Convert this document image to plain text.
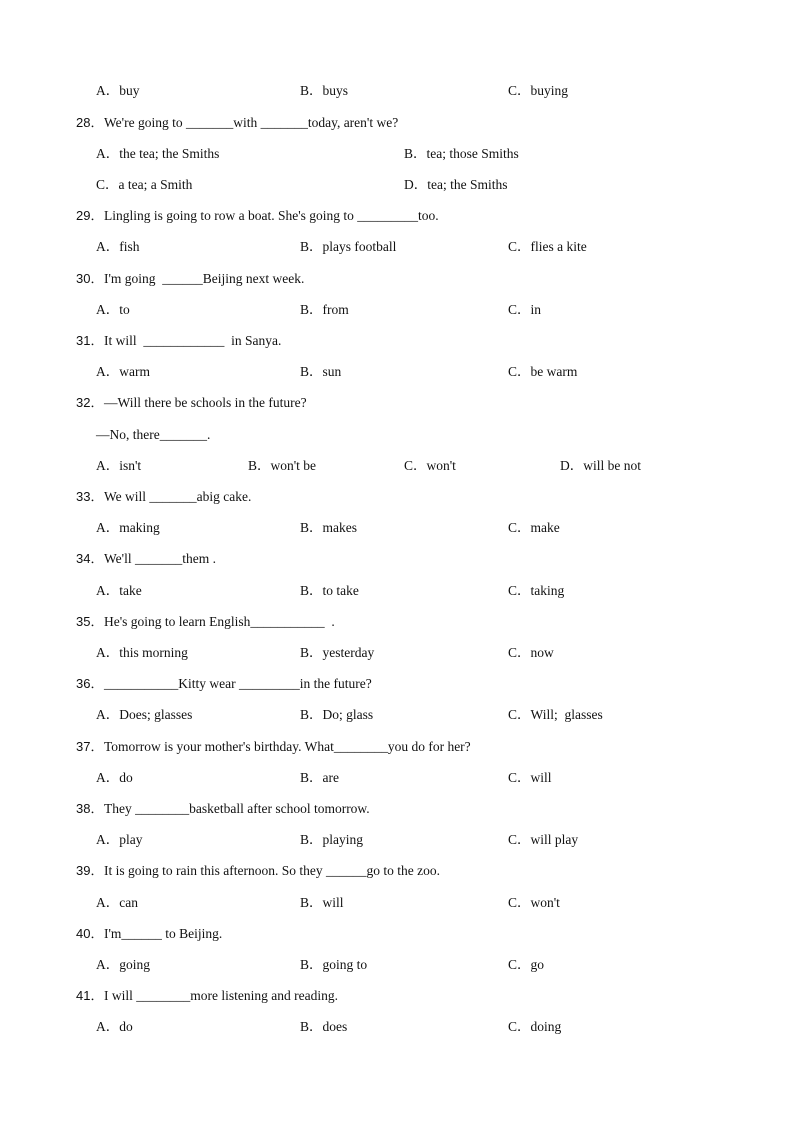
A．buy	B．buys	C．buying
28． We're going to _______with _______today, aren't we?
A．the tea; the Smiths	B．tea; those Smiths
C．a tea; a Smith	D．tea; the Smiths
29． Lingling is going to row a boat. She's going to _________too.
A．fish	B．plays football	C．flies a kite
30． I'm going  ______Beijing next week.
A．to	B．from	C．in
31． It will  ____________  in Sanya.
A．warm	B．sun	C．be warm
32． —Will there be schools in the future?
—No, there_______.
A．isn't	B．won't be	C．won't	D．will be not
33． We will _______abig cake.
A．making	B．makes	C．make
34． We'll _______them .
A．take	B．to take	C．taking
35． He's going to learn English___________  .
A．this morning	B．yesterday	C．now
36． ___________Kitty wear _________in the future?
A．Does; glasses	B．Do; glass	C．Will;  glasses
37． Tomorrow is your mother's birthday. What________you do for her?
A．do	B．are	C．will
38． They ________basketball after school tomorrow.
A．play	B．playing	C．will play
39． It is going to rain this afternoon. So they ______go to the zoo.
A．can	B．will	C．won't
40． I'm______ to Beijing.
A．going	B．going to	C．go
41． I will ________more listening and reading.
A．do	B．does	C．doing
